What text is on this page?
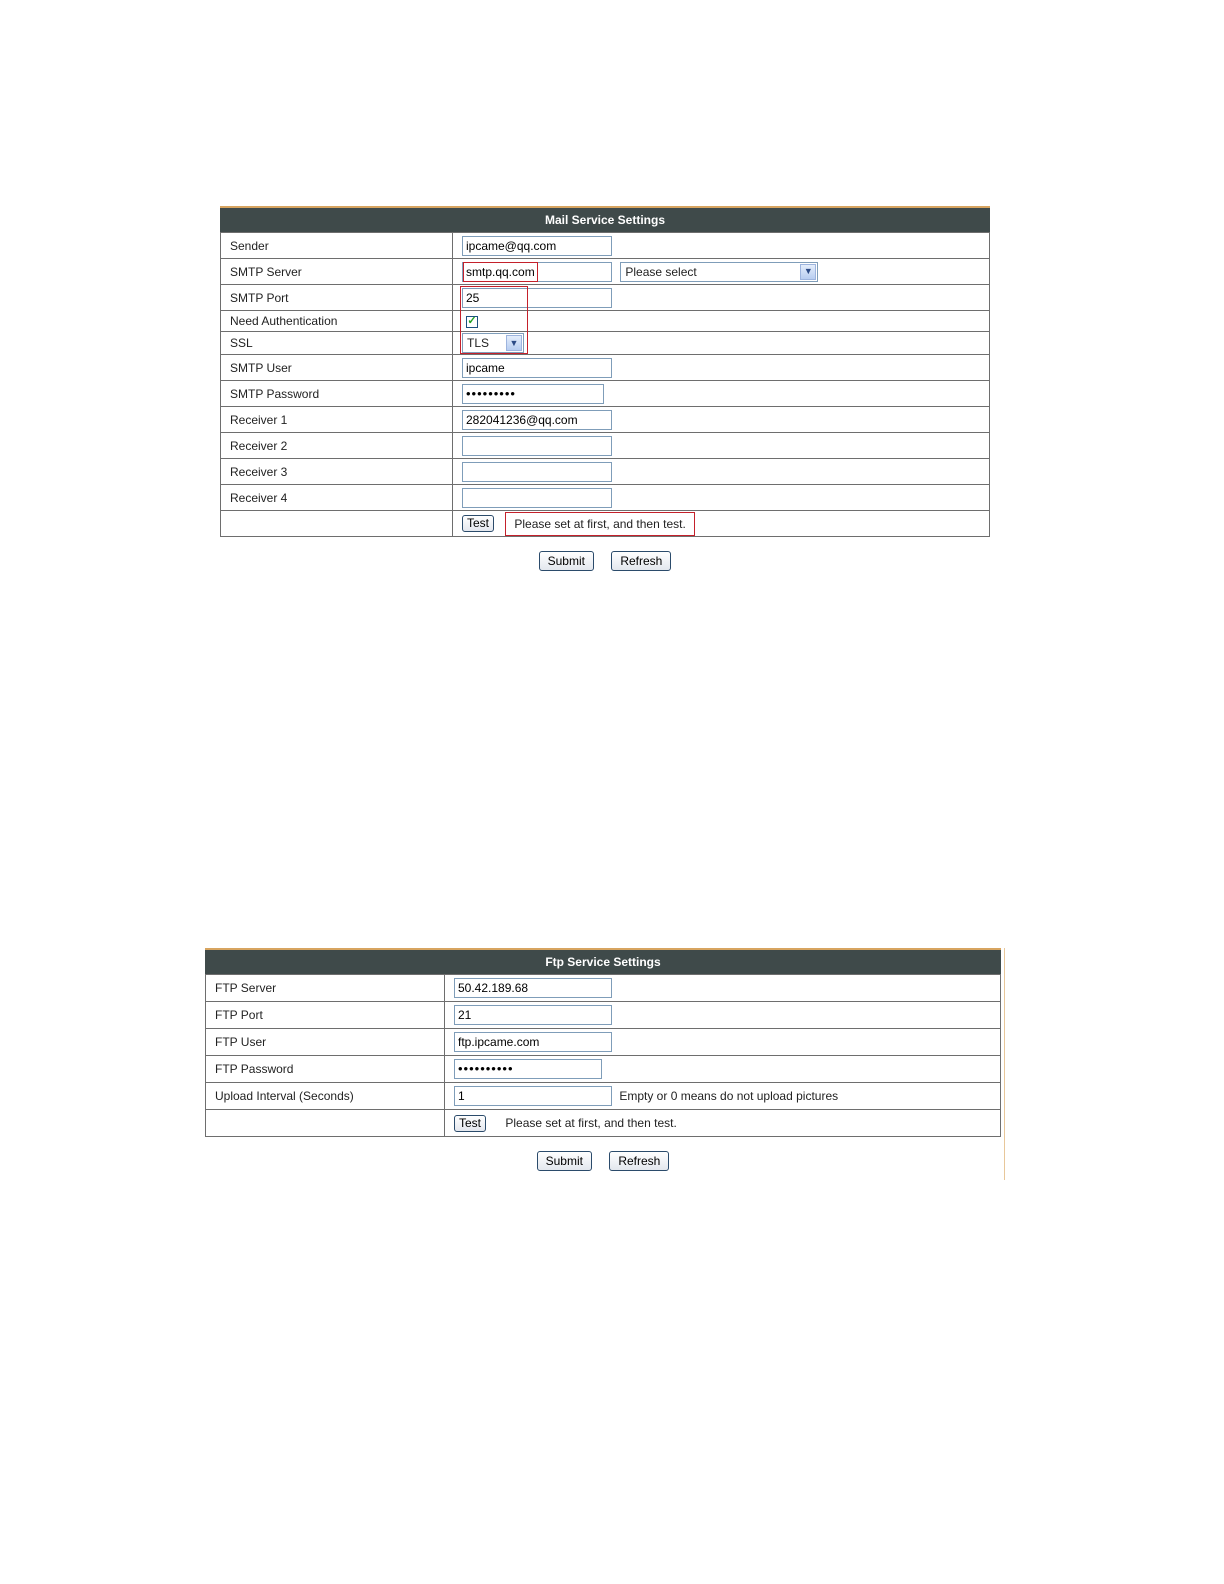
Mail Service Settings
Sender	ipcame@qq.com
SMTP Server	smtp.qq.com Please select ▼

SMTP Port	25
Need Authentication	✓

SSL	TLS ▼

SMTP User	ipcame
SMTP Password	•••••••••
Receiver 1	282041236@qq.com
Receiver 2	
Receiver 3	
Receiver 4	
	Test Please set at first, and then test.
Submit	Refresh
Ftp Service Settings
FTP Server	50.42.189.68
FTP Port	21
FTP User	ftp.ipcame.com
FTP Password	••••••••••
Upload Interval (Seconds)	1 Empty or 0 means do not upload pictures
	Test Please set at first, and then test.
Submit	Refresh
